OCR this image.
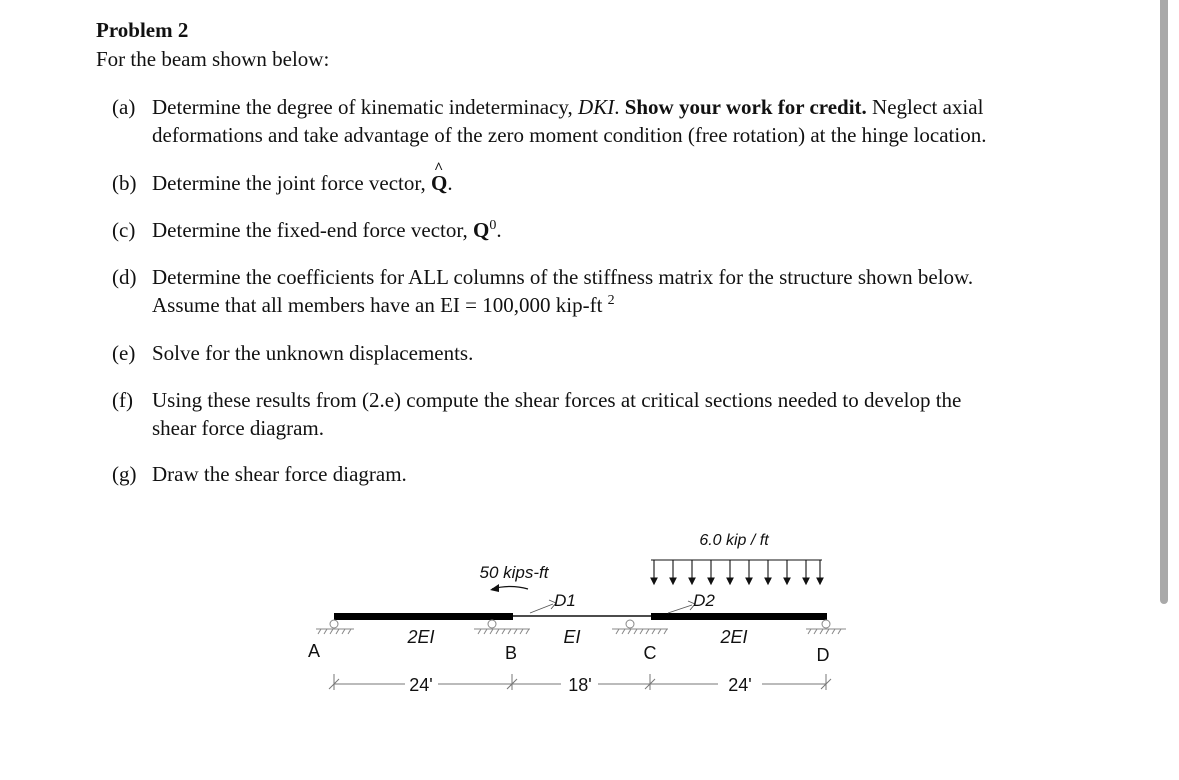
Problem 2
For the beam shown below:
(a) Determine the degree of kinematic indeterminacy, DKI. Show your work for credit. Neglect axial
deformations and take advantage of the zero moment condition (free rotation) at the hinge location.
(b) Determine the joint force vector, Q ^.
(c) Determine the fixed-end force vector, $Q^0$.
(d) Determine the coefficients for ALL columns of the stiffness matrix for the structure shown below.
Assume that all members have an EI = 100,000 kip-ft $^2$
(e) Solve for the unknown displacements.
(f) Using these results from (2.e) compute the shear forces at critical sections needed to develop the
shear force diagram.
(g) Draw the shear force diagram.
6.0 kip / ft
50 kips-ft
D1	D2
2EI	EI	2EI
A	B	C	D
24'	18'	24'
